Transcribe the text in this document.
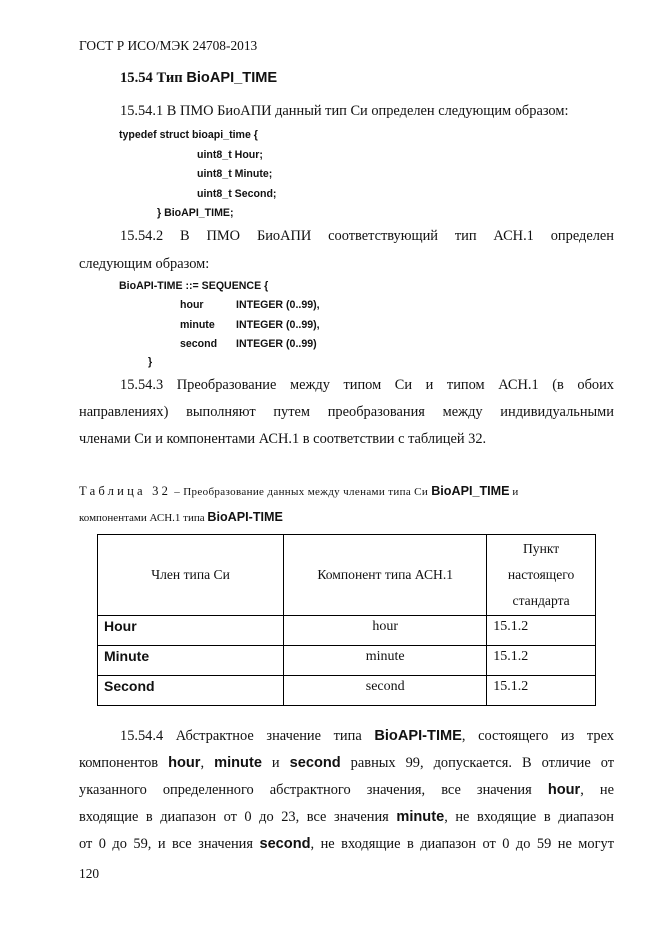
ГОСТ Р ИСО/МЭК 24708-2013
15.54 Тип BioAPI_TIME
15.54.1 В ПМО БиоАПИ данный тип Си определен следующим образом:
typedef struct bioapi_time {
uint8_t Hour;
uint8_t Minute;
uint8_t Second;
} BioAPI_TIME;
15.54.2 В ПМО БиоАПИ соответствующий тип АСН.1 определен
следующим образом:
BioAPI-TIME ::= SEQUENCE {
hour	INTEGER (0..99),
minute INTEGER (0..99),
second INTEGER (0..99)
}
15.54.3 Преобразование между типом Си и типом АСН.1 (в обоих
направлениях) выполняют путем преобразования между индивидуальными
членами Си и компонентами АСН.1 в соответствии с таблицей 32.
Таблица 32 – Преобразование данных между членами типа Си BioAPI_TIME и
компонентами АСН.1 типа BioAPI-TIME
Член типа Си	Компонент типа АСН.1	Пункт
настоящего
стандарта

Hour	hour	15.1.2
Minute	minute	15.1.2
Second	second	15.1.2
15.54.4 Абстрактное значение типа BioAPI-TIME, состоящего из трех
компонентов hour, minute и second равных 99, допускается. В отличие от
указанного определенного абстрактного значения, все значения hour, не
входящие в диапазон от 0 до 23, все значения minute, не входящие в диапазон
от 0 до 59, и все значения second, не входящие в диапазон от 0 до 59 не могут
120
